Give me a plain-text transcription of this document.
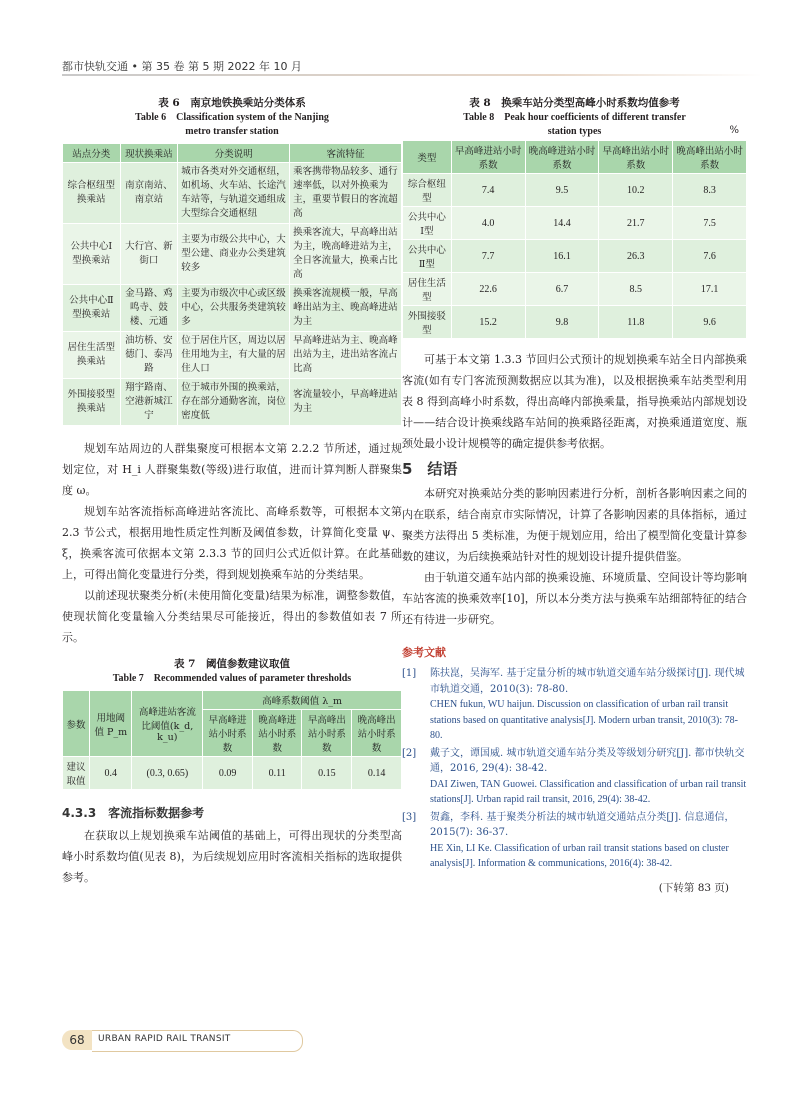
都市快轨交通 • 第 35 卷 第 5 期 2022 年 10 月
表 6　南京地铁换乘站分类体系
Table 6　Classification system of the Nanjing
metro transfer station
站点分类	现状换乘站	分类说明	客流特征
综合枢纽型换乘站	南京南站、南京站	城市各类对外交通枢纽，如机场、火车站、长途汽车站等，与轨道交通组成大型综合交通枢纽	乘客携带物品较多、通行速率低，以对外换乘为主，重要节假日的客流超高
公共中心Ⅰ型换乘站	大行宫、新街口	主要为市级公共中心，大型公建、商业办公类建筑较多	换乘客流大，早高峰出站为主，晚高峰进站为主，全日客流量大，换乘占比高
公共中心Ⅱ型换乘站	金马路、鸡鸣寺、鼓楼、元通	主要为市级次中心或区级中心，公共服务类建筑较多	换乘客流规模一般，早高峰出站为主、晚高峰进站为主
居住生活型换乘站	油坊桥、安德门、泰冯路	位于居住片区，周边以居住用地为主，有大量的居住人口	早高峰进站为主、晚高峰出站为主，进出站客流占比高
外围接驳型换乘站	翔宇路南、空港新城江宁	位于城市外围的换乘站，存在部分通勤客流，岗位密度低	客流量较小，早高峰进站为主

规划车站周边的人群集聚度可根据本文第 2.2.2 节所述，通过规划定位，对 H_i 人群聚集数(等级)进行取值，进而计算判断人群聚集度 ω。

规划车站客流指标高峰进站客流比、高峰系数等，可根据本文第 2.3 节公式，根据用地性质定性判断及阈值参数，计算简化变量 ψ、ξ，换乘客流可依据本文第 2.3.3 节的回归公式近似计算。在此基础上，可得出简化变量进行分类，得到规划换乘车站的分类结果。

以前述现状聚类分析(未使用简化变量)结果为标准，调整参数值，使现状简化变量输入分类结果尽可能接近，得出的参数值如表 7 所示。

表 7　阈值参数建议取值
Table 7　Recommended values of parameter thresholds
参数	用地阈值 P_m	高峰进站客流比阈值(k_d, k_u)	高峰系数阈值 λ_m			
			早高峰进站小时系数	晚高峰进站小时系数	早高峰出站小时系数	晚高峰出站小时系数
建议取值	0.4	(0.3, 0.65)	0.09	0.11	0.15	0.14
4.3.3　客流指标数据参考

在获取以上规划换乘车站阈值的基础上，可得出现状的分类型高峰小时系数均值(见表 8)，为后续规划应用时客流相关指标的选取提供参考。

表 8　换乘车站分类型高峰小时系数均值参考
Table 8　Peak hour coefficients of different transfer
station types	%
类型	早高峰进站小时系数	晚高峰进站小时系数	早高峰出站小时系数	晚高峰出站小时系数
综合枢纽型	7.4	9.5	10.2	8.3
公共中心Ⅰ型	4.0	14.4	21.7	7.5
公共中心Ⅱ型	7.7	16.1	26.3	7.6
居住生活型	22.6	6.7	8.5	17.1
外围接驳型	15.2	9.8	11.8	9.6

可基于本文第 1.3.3 节回归公式预计的规划换乘车站全日内部换乘客流(如有专门客流预测数据应以其为准)，以及根据换乘车站类型利用表 8 得到高峰小时系数，得出高峰内部换乘量，指导换乘站内部规划设计——结合设计换乘线路车站间的换乘路径距离，对换乘通道宽度、瓶颈处最小设计规模等的确定提供参考依据。

5　结语

本研究对换乘站分类的影响因素进行分析，剖析各影响因素之间的内在联系，结合南京市实际情况，计算了各影响因素的具体指标，通过聚类方法得出 5 类标准，为便于规划应用，给出了模型简化变量计算参数的建议，为后续换乘站针对性的规划设计提升提供借鉴。

由于轨道交通车站内部的换乘设施、环境质量、空间设计等均影响车站客流的换乘效率[10]，所以本分类方法与换乘车站细部特征的结合还有待进一步研究。

参考文献
[1] 陈扶崑，吴海军. 基于定量分析的城市轨道交通车站分级探讨[J]. 现代城市轨道交通，2010(3): 78-80.
CHEN fukun, WU haijun. Discussion on classification of urban rail transit stations based on quantitative analysis[J]. Modern urban transit, 2010(3): 78-80.
[2] 戴子文，谭国威. 城市轨道交通车站分类及等级划分研究[J]. 都市快轨交通，2016, 29(4): 38-42.
DAI Ziwen, TAN Guowei. Classification and classification of urban rail transit stations[J]. Urban rapid rail transit, 2016, 29(4): 38-42.
[3] 贺鑫，李科. 基于聚类分析法的城市轨道交通站点分类[J]. 信息通信，2015(7): 36-37.
HE Xin, LI Ke. Classification of urban rail transit stations based on cluster analysis[J]. Information & communications, 2016(4): 38-42.
(下转第 83 页)
68	URBAN RAPID RAIL TRANSIT
